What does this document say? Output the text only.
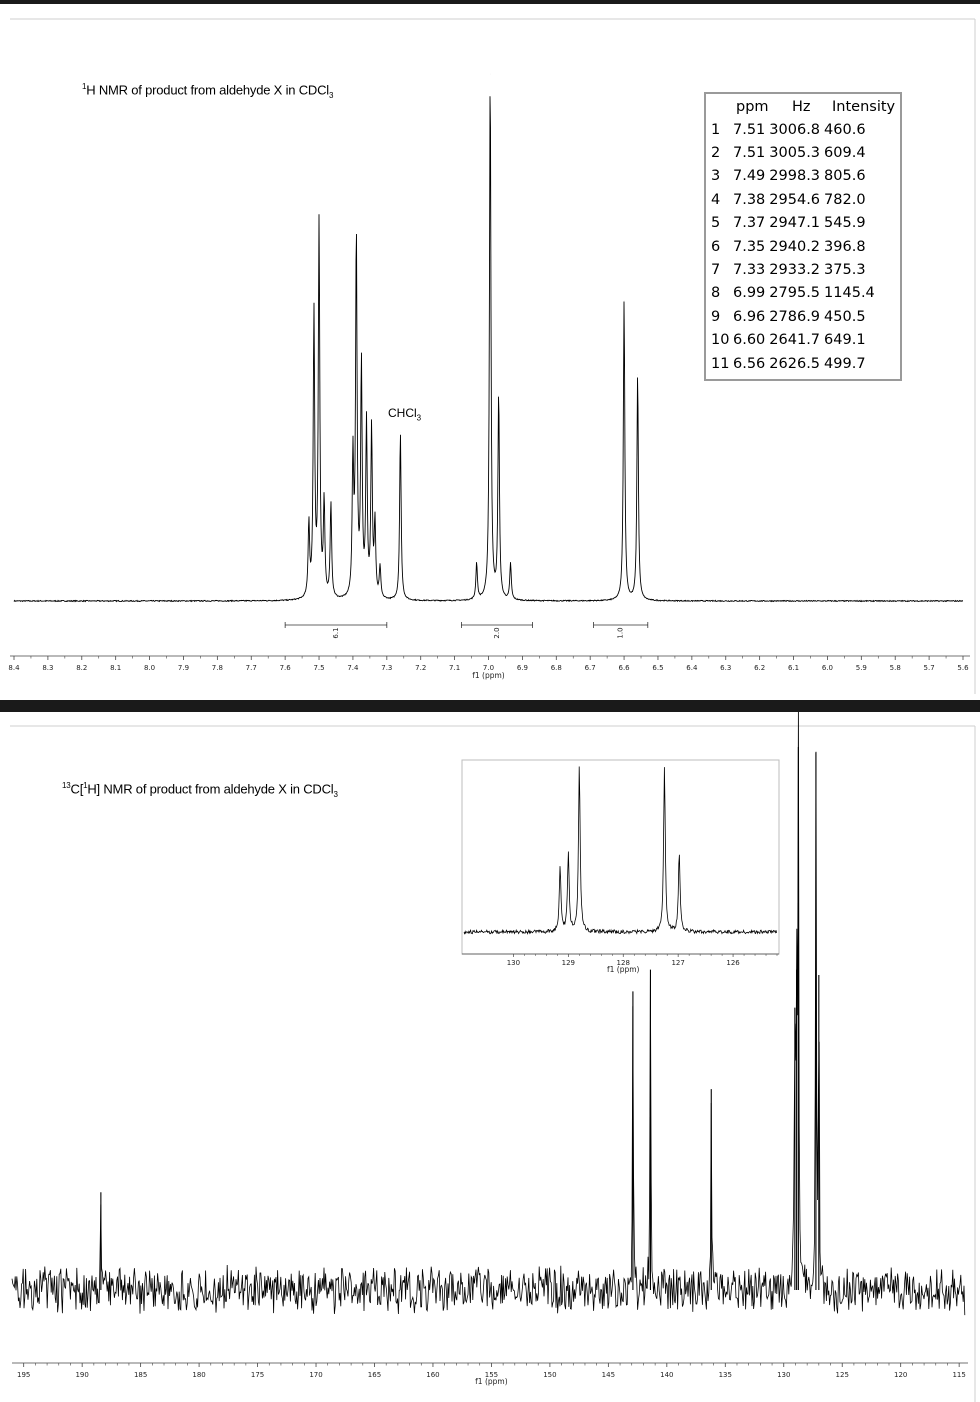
6.1	2.0	1.0
8.4	8.3	8.2	8.1	8.0	7.9	7.8	7.7	7.6	7.5	7.4	7.3	7.2	7.1	7.0	6.9	6.8	6.7	6.6	6.5	6.4	6.3	6.2	6.1	6.0	5.9	5.8	5.7	5.6
f1 (ppm)
$^1$H NMR of product from aldehyde X in CDCl$_3$
CHCl$_3$
ppm	Hz	Intensity
1 7.51 3006.8 460.6
2 7.51 3005.3 609.4
3 7.49 2998.3 805.6
4 7.38 2954.6 782.0
5 7.37 2947.1 545.9
6 7.35 2940.2 396.8
7 7.33 2933.2 375.3
8 6.99 2795.5 1145.4
9 6.96 2786.9 450.5
10 6.60 2641.7 649.1
11 6.56 2626.5 499.7
195	190	185	180	175	170	165	160	155	150	145	140	135	130	125	120	115
f1 (ppm)
130	129	128	127	126
f1 (ppm)
$^{13}$C[$^1$H] NMR of product from aldehyde X in CDCl$_3$
